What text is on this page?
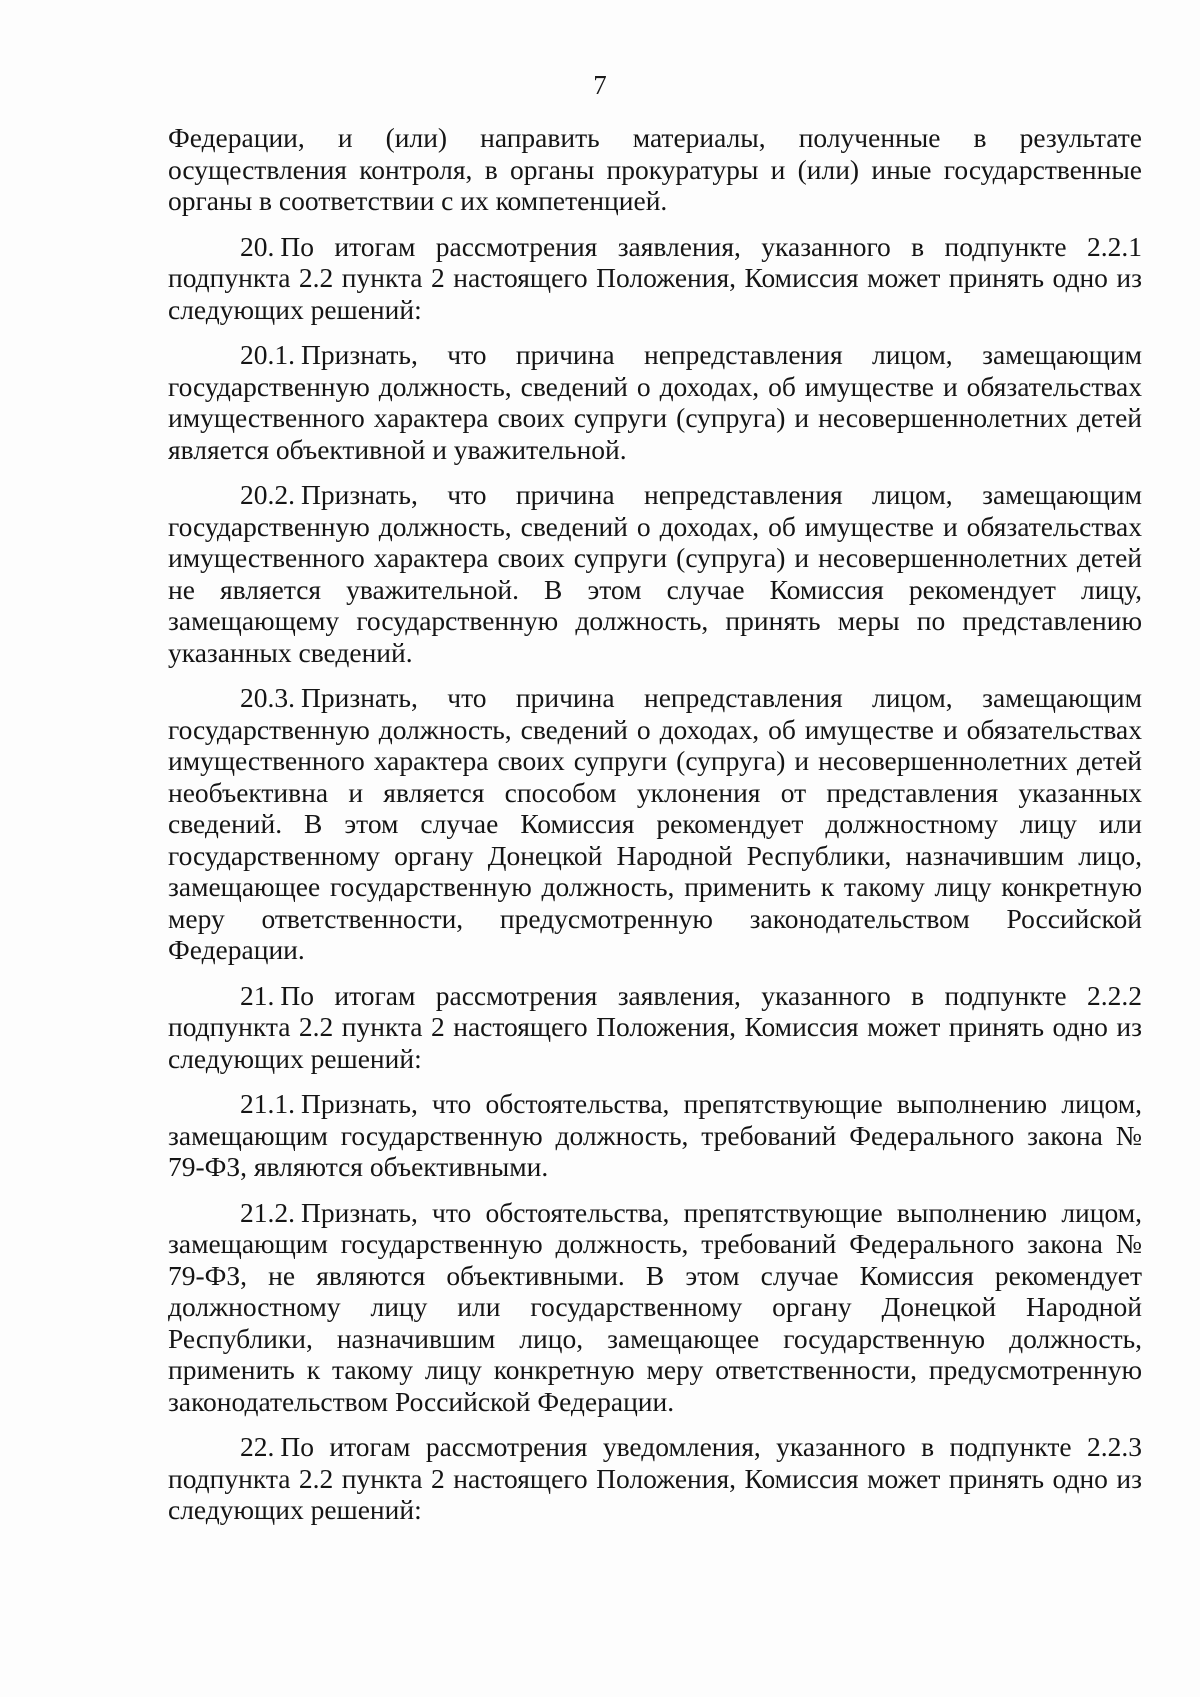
7

Федерации, и (или) направить материалы, полученные в результате осуществления контроля, в органы прокуратуры и (или) иные государственные органы в соответствии с их компетенцией.

20. По итогам рассмотрения заявления, указанного в подпункте 2.2.1 подпункта 2.2 пункта 2 настоящего Положения, Комиссия может принять одно из следующих решений:

20.1. Признать, что причина непредставления лицом, замещающим государственную должность, сведений о доходах, об имуществе и обязательствах имущественного характера своих супруги (супруга) и несовершеннолетних детей является объективной и уважительной.

20.2. Признать, что причина непредставления лицом, замещающим государственную должность, сведений о доходах, об имуществе и обязательствах имущественного характера своих супруги (супруга) и несовершеннолетних детей не является уважительной. В этом случае Комиссия рекомендует лицу, замещающему государственную должность, принять меры по представлению указанных сведений.

20.3. Признать, что причина непредставления лицом, замещающим государственную должность, сведений о доходах, об имуществе и обязательствах имущественного характера своих супруги (супруга) и несовершеннолетних детей необъективна и является способом уклонения от представления указанных сведений. В этом случае Комиссия рекомендует должностному лицу или государственному органу Донецкой Народной Республики, назначившим лицо, замещающее государственную должность, применить к такому лицу конкретную меру ответственности, предусмотренную законодательством Российской Федерации.

21. По итогам рассмотрения заявления, указанного в подпункте 2.2.2 подпункта 2.2 пункта 2 настоящего Положения, Комиссия может принять одно из следующих решений:

21.1. Признать, что обстоятельства, препятствующие выполнению лицом, замещающим государственную должность, требований Федерального закона № 79-ФЗ, являются объективными.

21.2. Признать, что обстоятельства, препятствующие выполнению лицом, замещающим государственную должность, требований Федерального закона № 79-ФЗ, не являются объективными. В этом случае Комиссия рекомендует должностному лицу или государственному органу Донецкой Народной Республики, назначившим лицо, замещающее государственную должность, применить к такому лицу конкретную меру ответственности, предусмотренную законодательством Российской Федерации.

22. По итогам рассмотрения уведомления, указанного в подпункте 2.2.3 подпункта 2.2 пункта 2 настоящего Положения, Комиссия может принять одно из следующих решений:
